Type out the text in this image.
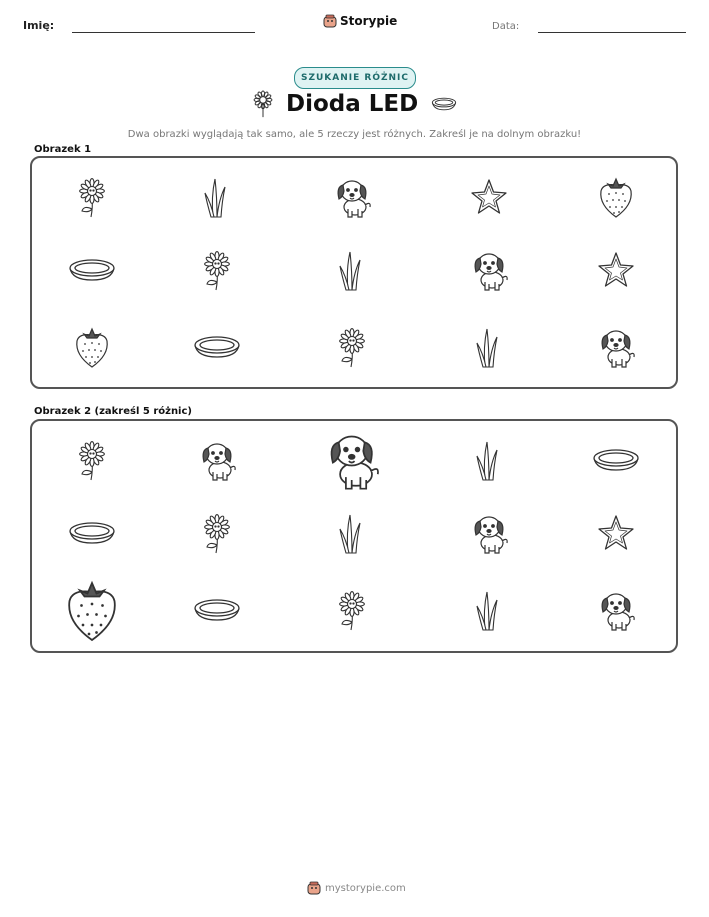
Imię:	Storypie	Data:
SZUKANIE RÓŻNIC
Dioda LED
Dwa obrazki wyglądają tak samo, ale 5 rzeczy jest różnych. Zakreśl je na dolnym obrazku!
Obrazek 1
Obrazek 2 (zakreśl 5 różnic)
mystorypie.com
